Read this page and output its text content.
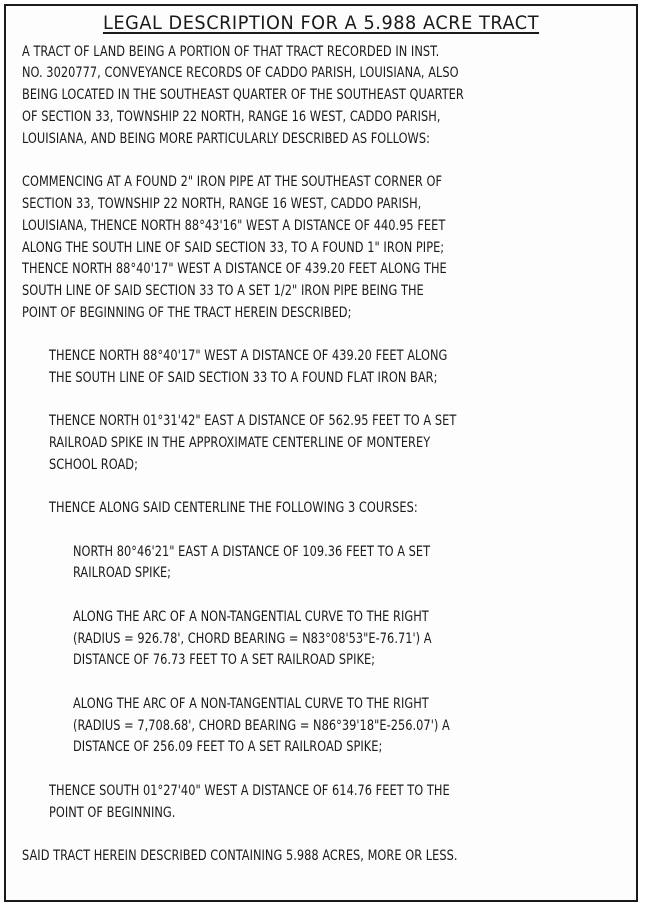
LEGAL DESCRIPTION FOR A 5.988 ACRE TRACT
A TRACT OF LAND BEING A PORTION OF THAT TRACT RECORDED IN INST.
NO. 3020777, CONVEYANCE RECORDS OF CADDO PARISH, LOUISIANA, ALSO
BEING LOCATED IN THE SOUTHEAST QUARTER OF THE SOUTHEAST QUARTER
OF SECTION 33, TOWNSHIP 22 NORTH, RANGE 16 WEST, CADDO PARISH,
LOUISIANA, AND BEING MORE PARTICULARLY DESCRIBED AS FOLLOWS:
COMMENCING AT A FOUND 2" IRON PIPE AT THE SOUTHEAST CORNER OF
SECTION 33, TOWNSHIP 22 NORTH, RANGE 16 WEST, CADDO PARISH,
LOUISIANA, THENCE NORTH 88°43'16" WEST A DISTANCE OF 440.95 FEET
ALONG THE SOUTH LINE OF SAID SECTION 33, TO A FOUND 1" IRON PIPE;
THENCE NORTH 88°40'17" WEST A DISTANCE OF 439.20 FEET ALONG THE
SOUTH LINE OF SAID SECTION 33 TO A SET 1/2" IRON PIPE BEING THE
POINT OF BEGINNING OF THE TRACT HEREIN DESCRIBED;
THENCE NORTH 88°40'17" WEST A DISTANCE OF 439.20 FEET ALONG
THE SOUTH LINE OF SAID SECTION 33 TO A FOUND FLAT IRON BAR;
THENCE NORTH 01°31'42" EAST A DISTANCE OF 562.95 FEET TO A SET
RAILROAD SPIKE IN THE APPROXIMATE CENTERLINE OF MONTEREY
SCHOOL ROAD;
THENCE ALONG SAID CENTERLINE THE FOLLOWING 3 COURSES:
NORTH 80°46'21" EAST A DISTANCE OF 109.36 FEET TO A SET
RAILROAD SPIKE;
ALONG THE ARC OF A NON-TANGENTIAL CURVE TO THE RIGHT
(RADIUS = 926.78', CHORD BEARING = N83°08'53"E-76.71') A
DISTANCE OF 76.73 FEET TO A SET RAILROAD SPIKE;
ALONG THE ARC OF A NON-TANGENTIAL CURVE TO THE RIGHT
(RADIUS = 7,708.68', CHORD BEARING = N86°39'18"E-256.07') A
DISTANCE OF 256.09 FEET TO A SET RAILROAD SPIKE;
THENCE SOUTH 01°27'40" WEST A DISTANCE OF 614.76 FEET TO THE
POINT OF BEGINNING.
SAID TRACT HEREIN DESCRIBED CONTAINING 5.988 ACRES, MORE OR LESS.
